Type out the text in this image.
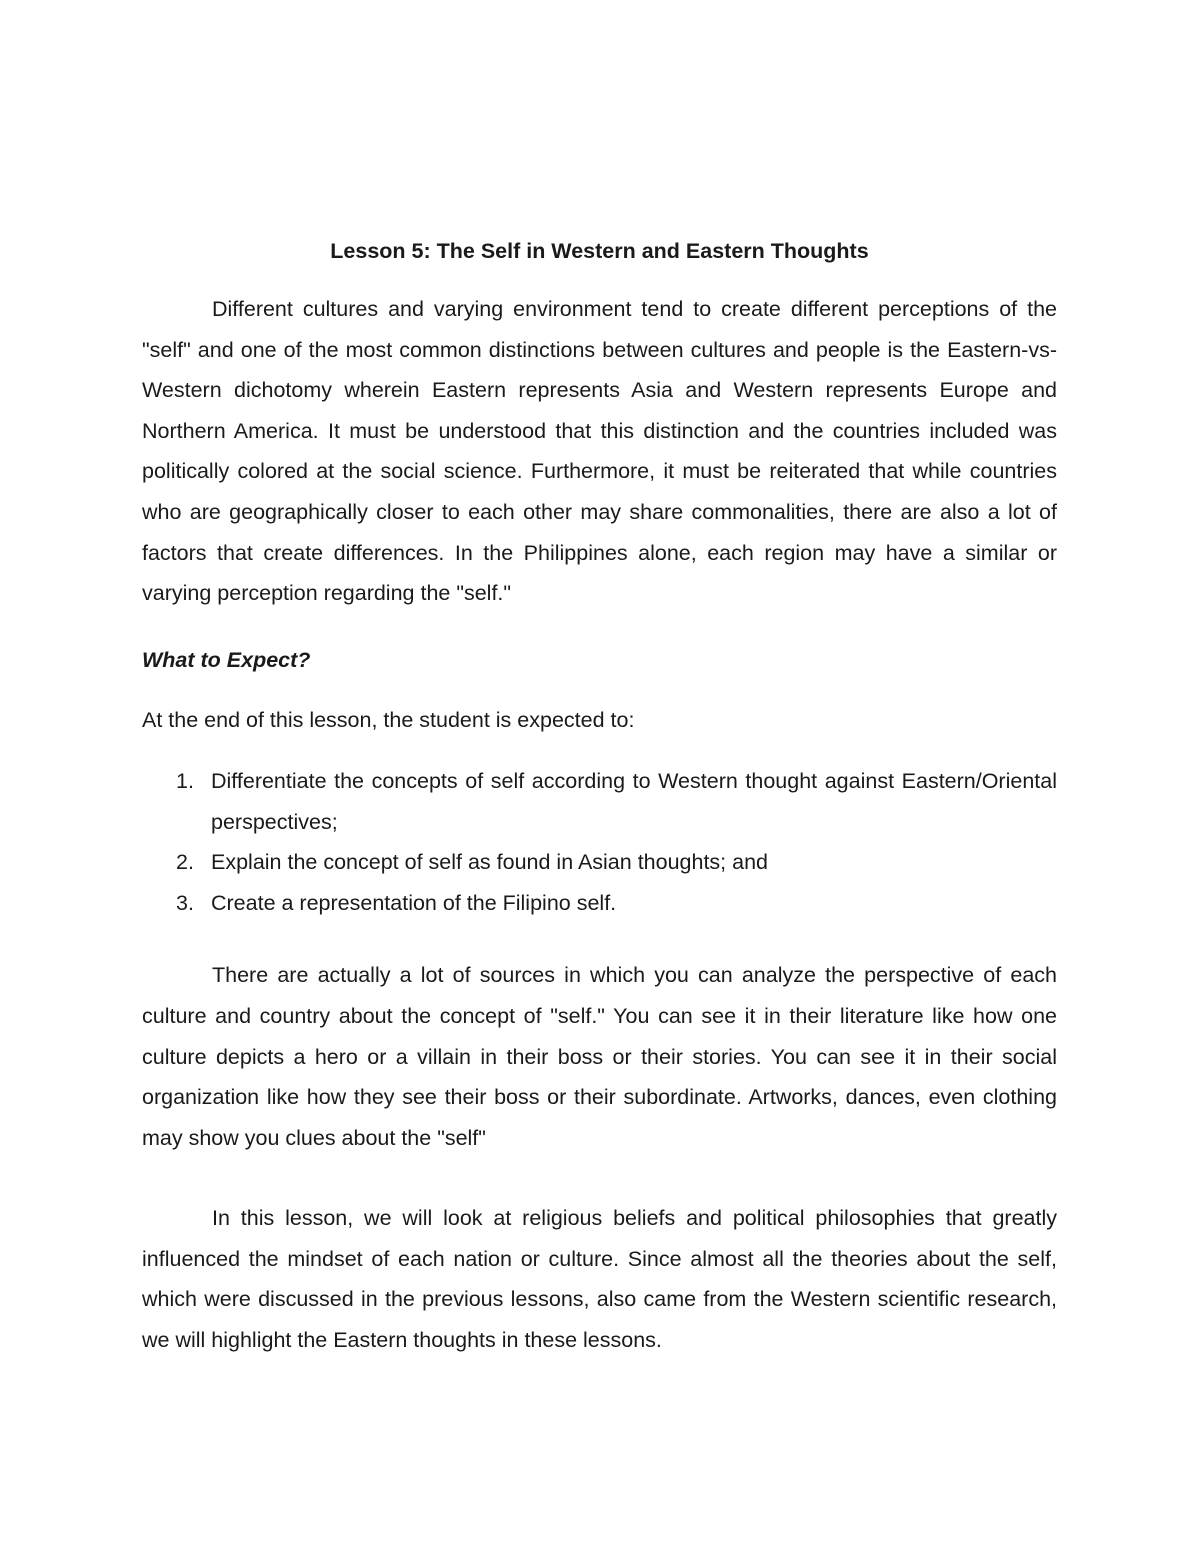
Lesson 5: The Self in Western and Eastern Thoughts

Different cultures and varying environment tend to create different perceptions of the "self" and one of the most common distinctions between cultures and people is the Eastern-vs-Western dichotomy wherein Eastern represents Asia and Western represents Europe and Northern America. It must be understood that this distinction and the countries included was politically colored at the social science. Furthermore, it must be reiterated that while countries who are geographically closer to each other may share commonalities, there are also a lot of factors that create differences. In the Philippines alone, each region may have a similar or varying perception regarding the "self."

What to Expect?

At the end of this lesson, the student is expected to:

1. Differentiate the concepts of self according to Western thought against Eastern/Oriental perspectives;
2. Explain the concept of self as found in Asian thoughts; and
3. Create a representation of the Filipino self.

There are actually a lot of sources in which you can analyze the perspective of each culture and country about the concept of "self." You can see it in their literature like how one culture depicts a hero or a villain in their boss or their stories. You can see it in their social organization like how they see their boss or their subordinate. Artworks, dances, even clothing may show you clues about the "self"

In this lesson, we will look at religious beliefs and political philosophies that greatly influenced the mindset of each nation or culture. Since almost all the theories about the self, which were discussed in the previous lessons, also came from the Western scientific research, we will highlight the Eastern thoughts in these lessons.
